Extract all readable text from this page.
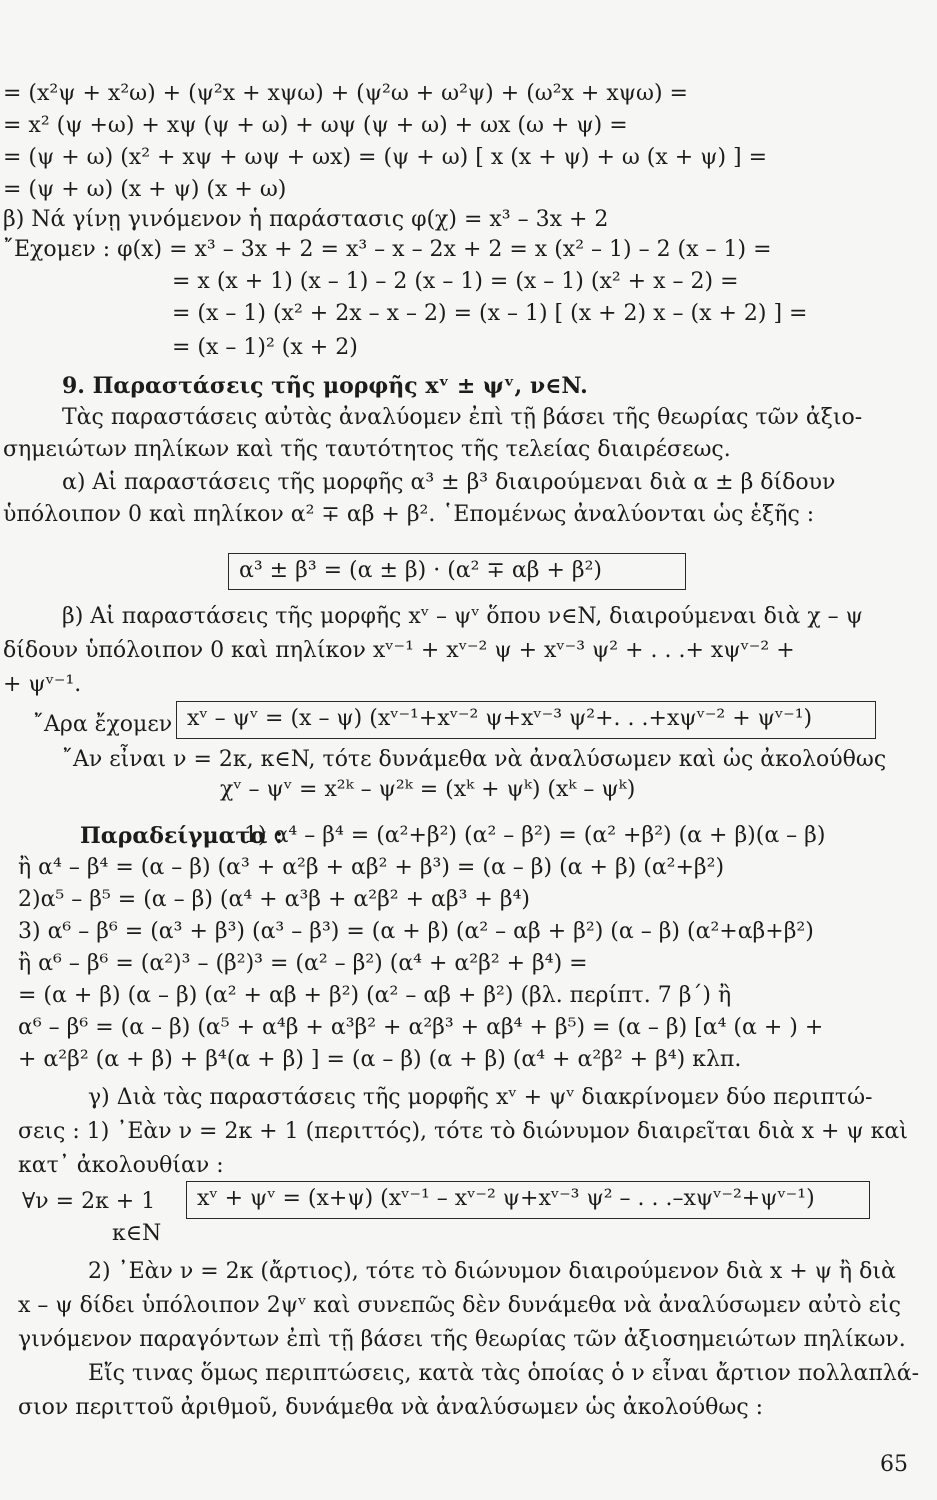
= (x²ψ + x²ω) + (ψ²x + xψω) + (ψ²ω + ω²ψ) + (ω²x + xψω) =
= x² (ψ +ω) + xψ (ψ + ω) + ωψ (ψ + ω) + ωx (ω + ψ) =
= (ψ + ω) (x² + xψ + ωψ + ωx) = (ψ + ω) [ x (x + ψ) + ω (x + ψ) ] =
= (ψ + ω) (x + ψ) (x + ω)
β) Νά γίνῃ γινόμενον ἡ παράστασις φ(χ) = x³ – 3x + 2
῎Εχομεν : φ(x) = x³ – 3x + 2 = x³ – x – 2x + 2 = x (x² – 1) – 2 (x – 1) =
= x (x + 1) (x – 1) – 2 (x – 1) = (x – 1) (x² + x – 2) =
= (x – 1) (x² + 2x – x – 2) = (x – 1) [ (x + 2) x – (x + 2) ] =
= (x – 1)² (x + 2)
9. Παραστάσεις τῆς μορφῆς xᵛ ± ψᵛ, ν∈N.
Τὰς παραστάσεις αὐτὰς ἀναλύομεν ἐπὶ τῇ βάσει τῆς θεωρίας τῶν ἀξιο-
σημειώτων πηλίκων καὶ τῆς ταυτότητος τῆς τελείας διαιρέσεως.
α) Αἱ παραστάσεις τῆς μορφῆς α³ ± β³ διαιρούμεναι διὰ α ± β δίδουν
ὑπόλοιπον 0 καὶ πηλίκον α² ∓ αβ + β². ῾Επομένως ἀναλύονται ὡς ἑξῆς :
α³ ± β³ = (α ± β) · (α² ∓ αβ + β²)
β) Αἱ παραστάσεις τῆς μορφῆς xᵛ – ψᵛ ὅπου ν∈N, διαιρούμεναι διὰ χ – ψ
δίδουν ὑπόλοιπον 0 καὶ πηλίκον xᵛ⁻¹ + xᵛ⁻² ψ + xᵛ⁻³ ψ² + . . .+ xψᵛ⁻² +
+ ψᵛ⁻¹.
῎Αρα ἔχομεν xᵛ – ψᵛ = (x – ψ) (xᵛ⁻¹+xᵛ⁻² ψ+xᵛ⁻³ ψ²+. . .+xψᵛ⁻² + ψᵛ⁻¹)
῎Αν εἶναι ν = 2κ, κ∈N, τότε δυνάμεθα νὰ ἀναλύσωμεν καὶ ὡς ἀκολούθως
χᵛ – ψᵛ = x²ᵏ – ψ²ᵏ = (xᵏ + ψᵏ) (xᵏ – ψᵏ)
Παραδείγματα :
1) α⁴ – β⁴ = (α²+β²) (α² – β²) = (α² +β²) (α + β)(α – β)
ἢ α⁴ – β⁴ = (α – β) (α³ + α²β + αβ² + β³) = (α – β) (α + β) (α²+β²)
2)α⁵ – β⁵ = (α – β) (α⁴ + α³β + α²β² + αβ³ + β⁴)
3) α⁶ – β⁶ = (α³ + β³) (α³ – β³) = (α + β) (α² – αβ + β²) (α – β) (α²+αβ+β²)
ἢ α⁶ – β⁶ = (α²)³ – (β²)³ = (α² – β²) (α⁴ + α²β² + β⁴) =
= (α + β) (α – β) (α² + αβ + β²) (α² – αβ + β²) (βλ. περίπτ. 7 β΄) ἢ
α⁶ – β⁶ = (α – β) (α⁵ + α⁴β + α³β² + α²β³ + αβ⁴ + β⁵) = (α – β) [α⁴ (α + ) +
+ α²β² (α + β) + β⁴(α + β) ] = (α – β) (α + β) (α⁴ + α²β² + β⁴) κλπ.
γ) Διὰ τὰς παραστάσεις τῆς μορφῆς xᵛ + ψᵛ διακρίνομεν δύο περιπτώ-
σεις : 1) ᾽Εὰν ν = 2κ + 1 (περιττός), τότε τὸ διώνυμον διαιρεῖται διὰ x + ψ καὶ
κατ᾽ ἀκολουθίαν :
∀ν = 2κ + 1
κ∈N
xᵛ + ψᵛ = (x+ψ) (xᵛ⁻¹ – xᵛ⁻² ψ+xᵛ⁻³ ψ² – . . .–xψᵛ⁻²+ψᵛ⁻¹)
2) ᾽Εὰν ν = 2κ (ἄρτιος), τότε τὸ διώνυμον διαιρούμενον διὰ x + ψ ἢ διὰ
x – ψ δίδει ὑπόλοιπον 2ψᵛ καὶ συνεπῶς δὲν δυνάμεθα νὰ ἀναλύσωμεν αὐτὸ εἰς
γινόμενον παραγόντων ἐπὶ τῇ βάσει τῆς θεωρίας τῶν ἀξιοσημειώτων πηλίκων.
Εἴς τινας ὅμως περιπτώσεις, κατὰ τὰς ὁποίας ὁ ν εἶναι ἄρτιον πολλαπλά-
σιον περιττοῦ ἀριθμοῦ, δυνάμεθα νὰ ἀναλύσωμεν ὡς ἀκολούθως :
65
